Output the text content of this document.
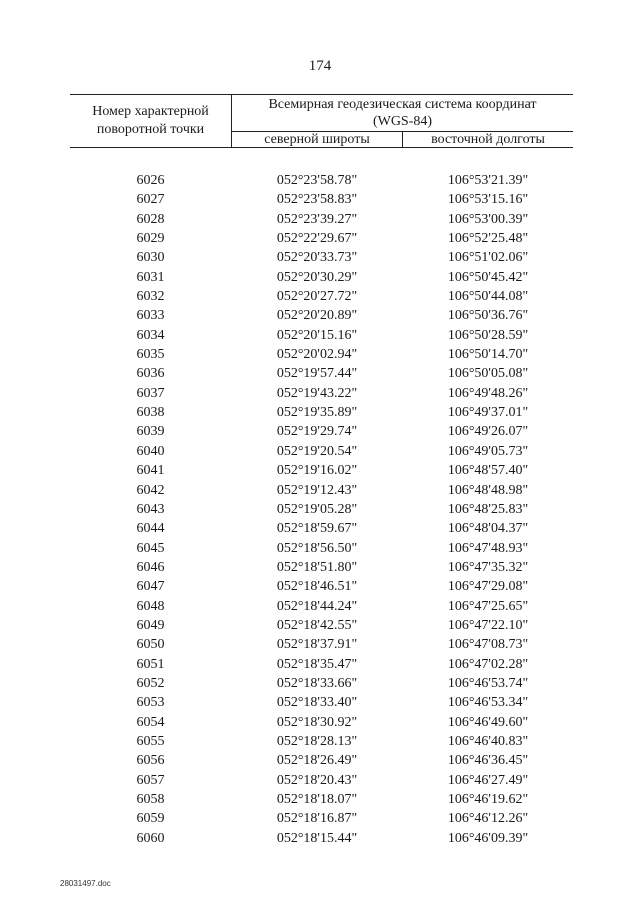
174
Номер характерной
поворотной точки
Всемирная геодезическая система координат
(WGS-84)
северной широты	восточной долготы
6026	052°23'58.78"	106°53'21.39"
6027	052°23'58.83"	106°53'15.16"
6028	052°23'39.27"	106°53'00.39"
6029	052°22'29.67"	106°52'25.48"
6030	052°20'33.73"	106°51'02.06"
6031	052°20'30.29"	106°50'45.42"
6032	052°20'27.72"	106°50'44.08"
6033	052°20'20.89"	106°50'36.76"
6034	052°20'15.16"	106°50'28.59"
6035	052°20'02.94"	106°50'14.70"
6036	052°19'57.44"	106°50'05.08"
6037	052°19'43.22"	106°49'48.26"
6038	052°19'35.89"	106°49'37.01"
6039	052°19'29.74"	106°49'26.07"
6040	052°19'20.54"	106°49'05.73"
6041	052°19'16.02"	106°48'57.40"
6042	052°19'12.43"	106°48'48.98"
6043	052°19'05.28"	106°48'25.83"
6044	052°18'59.67"	106°48'04.37"
6045	052°18'56.50"	106°47'48.93"
6046	052°18'51.80"	106°47'35.32"
6047	052°18'46.51"	106°47'29.08"
6048	052°18'44.24"	106°47'25.65"
6049	052°18'42.55"	106°47'22.10"
6050	052°18'37.91"	106°47'08.73"
6051	052°18'35.47"	106°47'02.28"
6052	052°18'33.66"	106°46'53.74"
6053	052°18'33.40"	106°46'53.34"
6054	052°18'30.92"	106°46'49.60"
6055	052°18'28.13"	106°46'40.83"
6056	052°18'26.49"	106°46'36.45"
6057	052°18'20.43"	106°46'27.49"
6058	052°18'18.07"	106°46'19.62"
6059	052°18'16.87"	106°46'12.26"
6060	052°18'15.44"	106°46'09.39"
28031497.doc
